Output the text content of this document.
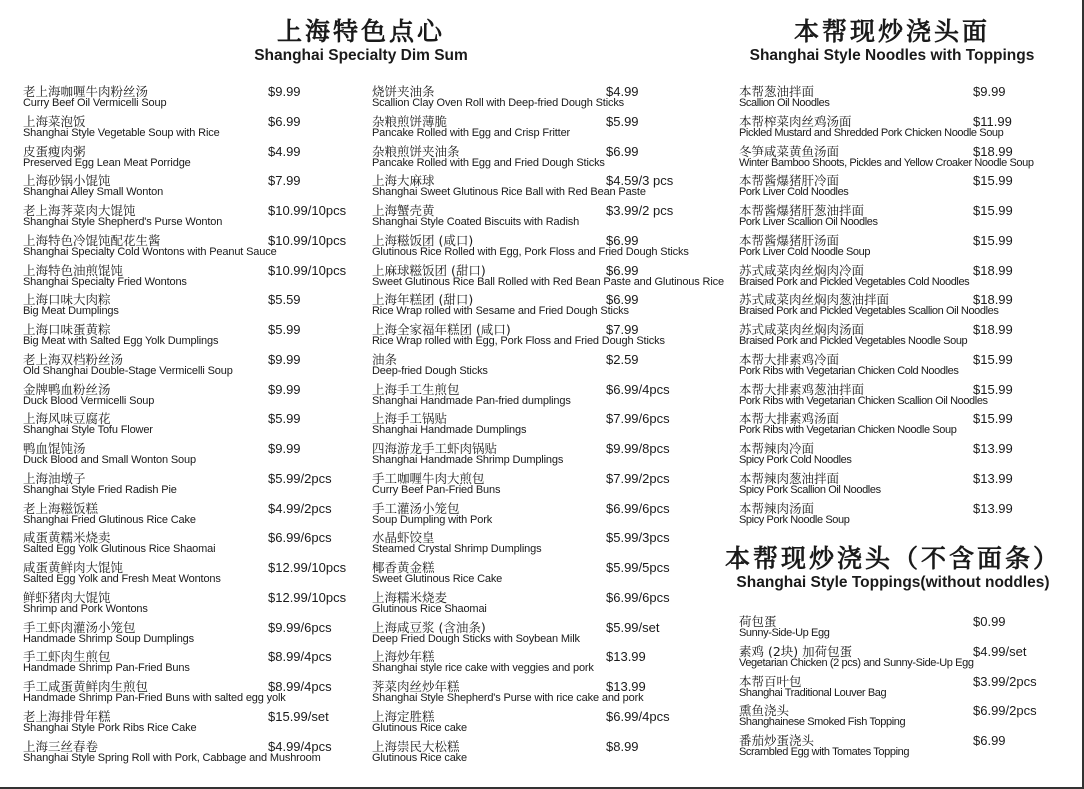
上海特色点心
Shanghai Specialty Dim Sum
本帮现炒浇头面
Shanghai Style Noodles with Toppings
本帮现炒浇头（不含面条）
Shanghai Style Toppings(without noddles)
老上海咖喱牛肉粉丝汤	$9.99
Curry Beef Oil Vermicelli Soup
上海菜泡饭	$6.99
Shanghai Style Vegetable Soup with Rice
皮蛋瘦肉粥	$4.99
Preserved Egg Lean Meat Porridge
上海砂锅小馄饨	$7.99
Shanghai Alley Small Wonton
老上海荠菜肉大馄饨	$10.99/10pcs
Shanghai Style Shepherd's Purse Wonton
上海特色冷馄饨配花生酱	$10.99/10pcs
Shanghai Specialty Cold Wontons with Peanut Sauce
上海特色油煎馄饨	$10.99/10pcs
Shanghai Specialty Fried Wontons
上海口味大肉粽	$5.59
Big Meat Dumplings
上海口味蛋黄粽	$5.99
Big Meat with Salted Egg Yolk Dumplings
老上海双档粉丝汤	$9.99
Old Shanghai Double-Stage Vermicelli Soup
金牌鸭血粉丝汤	$9.99
Duck Blood Vermicelli Soup
上海风味豆腐花	$5.99
Shanghai Style Tofu Flower
鸭血馄饨汤	$9.99
Duck Blood and Small Wonton Soup
上海油墩子	$5.99/2pcs
Shanghai Style Fried Radish Pie
老上海糍饭糕	$4.99/2pcs
Shanghai Fried Glutinous Rice Cake
咸蛋黄糯米烧卖	$6.99/6pcs
Salted Egg Yolk Glutinous Rice Shaomai
咸蛋黄鲜肉大馄饨	$12.99/10pcs
Salted Egg Yolk and Fresh Meat Wontons
鲜虾猪肉大馄饨	$12.99/10pcs
Shrimp and Pork Wontons
手工虾肉灌汤小笼包	$9.99/6pcs
Handmade Shrimp Soup Dumplings
手工虾肉生煎包	$8.99/4pcs
Handmade Shrimp Pan-Fried Buns
手工咸蛋黄鲜肉生煎包	$8.99/4pcs
Handmade Shrimp Pan-Fried Buns with salted egg yolk
老上海排骨年糕	$15.99/set
Shanghai Style Pork Ribs Rice Cake
上海三丝春卷	$4.99/4pcs
Shanghai Style Spring Roll with Pork, Cabbage and Mushroom
烧饼夹油条	$4.99
Scallion Clay Oven Roll with Deep-fried Dough Sticks
杂粮煎饼薄脆	$5.99
Pancake Rolled with Egg and Crisp Fritter
杂粮煎饼夹油条	$6.99
Pancake Rolled with Egg and Fried Dough Sticks
上海大麻球	$4.59/3 pcs
Shanghai Sweet Glutinous Rice Ball with Red Bean Paste
上海蟹壳黄	$3.99/2 pcs
Shanghai Style Coated Biscuits with Radish
上海糍饭团 (咸口)	$6.99
Glutinous Rice Rolled with Egg, Pork Floss and Fried Dough Sticks
上麻球糍饭团 (甜口)	$6.99
Sweet Glutinous Rice Ball Rolled with Red Bean Paste and Glutinous Rice
上海年糕团 (甜口)	$6.99
Rice Wrap rolled with Sesame and Fried Dough Sticks
上海全家福年糕团 (咸口)	$7.99
Rice Wrap rolled with Egg, Pork Floss and Fried Dough Sticks
油条	$2.59
Deep-fried Dough Sticks
上海手工生煎包	$6.99/4pcs
Shanghai Handmade Pan-fried dumplings
上海手工锅贴	$7.99/6pcs
Shanghai Handmade Dumplings
四海游龙手工虾肉锅贴	$9.99/8pcs
Shanghai Handmade Shrimp Dumplings
手工咖喱牛肉大煎包	$7.99/2pcs
Curry Beef Pan-Fried Buns
手工灌汤小笼包	$6.99/6pcs
Soup Dumpling with Pork
水晶虾饺皇	$5.99/3pcs
Steamed Crystal Shrimp Dumplings
椰香黄金糕	$5.99/5pcs
Sweet Glutinous Rice Cake
上海糯米烧麦	$6.99/6pcs
Glutinous Rice Shaomai
上海咸豆浆 (含油条)	$5.99/set
Deep Fried Dough Sticks with Soybean Milk
上海炒年糕	$13.99
Shanghai style rice cake with veggies and pork
荠菜肉丝炒年糕	$13.99
Shanghai Style Shepherd's Purse with rice cake and pork
上海定胜糕	$6.99/4pcs
Glutinous Rice cake
上海崇民大松糕	$8.99
Glutinous Rice cake
本帮葱油拌面	$9.99
Scallion Oil Noodles
本帮榨菜肉丝鸡汤面	$11.99
Pickled Mustard and Shredded Pork Chicken Noodle Soup
冬笋咸菜黄鱼汤面	$18.99
Winter Bamboo Shoots, Pickles and Yellow Croaker Noodle Soup
本帮酱爆猪肝冷面	$15.99
Pork Liver Cold Noodles
本帮酱爆猪肝葱油拌面	$15.99
Pork Liver Scallion Oil Noodles
本帮酱爆猪肝汤面	$15.99
Pork Liver Cold Noodle Soup
苏式咸菜肉丝焖肉冷面	$18.99
Braised Pork and Pickled Vegetables Cold Noodles
苏式咸菜肉丝焖肉葱油拌面	$18.99
Braised Pork and Pickled Vegetables Scallion Oil Noodles
苏式咸菜肉丝焖肉汤面	$18.99
Braised Pork and Pickled Vegetables Noodle Soup
本帮大排素鸡冷面	$15.99
Pork Ribs with Vegetarian Chicken Cold Noodles
本帮大排素鸡葱油拌面	$15.99
Pork Ribs with Vegetarian Chicken Scallion Oil Noodles
本帮大排素鸡汤面	$15.99
Pork Ribs with Vegetarian Chicken Noodle Soup
本帮辣肉冷面	$13.99
Spicy Pork Cold Noodles
本帮辣肉葱油拌面	$13.99
Spicy Pork Scallion Oil Noodles
本帮辣肉汤面	$13.99
Spicy Pork Noodle Soup
荷包蛋	$0.99
Sunny-Side-Up Egg
素鸡 (2块) 加荷包蛋	$4.99/set
Vegetarian Chicken (2 pcs) and Sunny-Side-Up Egg
本帮百叶包	$3.99/2pcs
Shanghai Traditional Louver Bag
熏鱼浇头	$6.99/2pcs
Shanghainese Smoked Fish Topping
番茄炒蛋浇头	$6.99
Scrambled Egg with Tomates Topping
